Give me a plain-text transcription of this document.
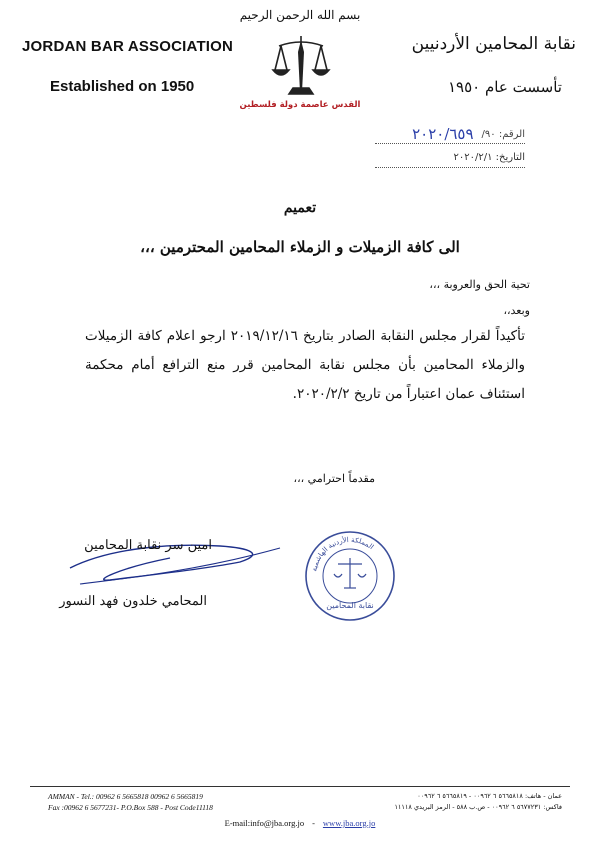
بسم الله الرحمن الرحيم
JORDAN BAR ASSOCIATION
Established on 1950
نقابة المحامين الأردنيين
تأسست عام ١٩٥٠
القدس عاصمة دولة فلسطين
الرقم: ٩٠/
٢٠٢٠/٦٥٩
التاريخ: ٢٠٢٠/٢/١
تعميم
الى كافة الزميلات و الزملاء المحامين المحترمين ،،،
تحية الحق والعروبة ،،،
وبعد،،
تأكيداً لقرار مجلس النقابة الصادر بتاريخ ٢٠١٩/١٢/١٦ ارجو اعلام كافة الزميلات والزملاء المحامين بأن مجلس نقابة المحامين قرر منع الترافع أمام محكمة استئناف عمان اعتباراً من تاريخ ٢٠٢٠/٢/٢.
مقدماً احترامي ،،،
امين سر نقابة المحامين
المحامي خلدون فهد النسور
المملكة الأردنية الهاشمية
نقابة المحامين
AMMAN - Tel.: 00962 6 5665818 00962 6 5665819
Fax :00962 6 5677231- P.O.Box 588 - Post Code11118
عمان - هاتف: ٥٦٦٥٨١٨ ٦ ٠٠٩٦٢ - ٥٦٦٥٨١٩ ٦ ٠٠٩٦٢
فاكس: ٥٦٧٧٢٣١ ٦ ٠٠٩٦٢ - ص.ب ٥٨٨ - الرمز البريدي ١١١١٨
E-mail:info@jba.org.jo - www.jba.org.jo
